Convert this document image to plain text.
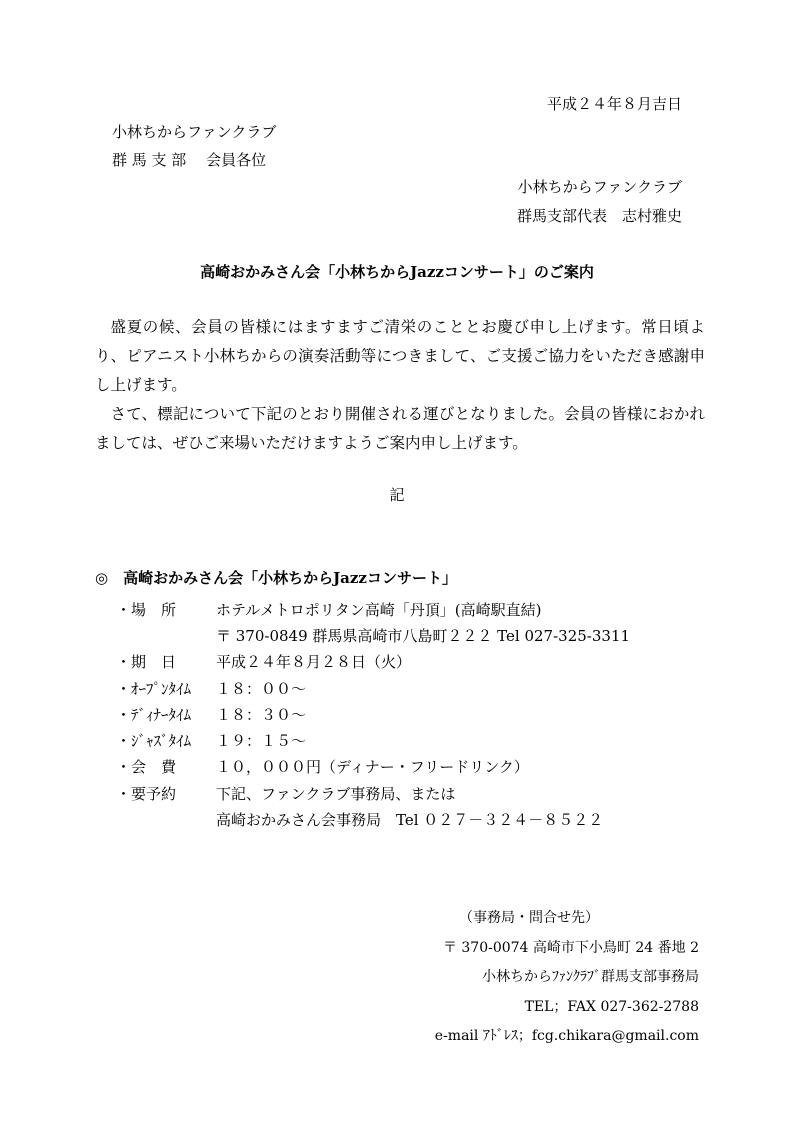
平成２４年８月吉日
小林ちからファンクラブ
群 馬 支 部　 会員各位
小林ちからファンクラブ
群馬支部代表　志村雅史
高崎おかみさん会「小林ちからJazzコンサート」のご案内

盛夏の候、会員の皆様にはますますご清栄のこととお慶び申し上げます。常日頃より、ピアニスト小林ちからの演奏活動等につきまして、ご支援ご協力をいただき感謝申し上げます。

さて、標記について下記のとおり開催される運びとなりました。会員の皆様におかれましては、ぜひご来場いただけますようご案内申し上げます。

記
◎　高崎おかみさん会「小林ちからJazzコンサート」
・場　所	ホテルメトロポリタン高崎「丹頂」(高崎駅直結)
〒 370-0849 群馬県高崎市八島町２２２ Tel 027-325-3311
・期　日	平成２４年８月２８日（火）
・ｵｰﾌﾟﾝﾀｲﾑ	１８：００～
・ﾃﾞｨﾅｰﾀｲﾑ	１８：３０～
・ｼﾞｬｽﾞﾀｲﾑ	１９：１５～
・会　費	１０，０００円（ディナー・フリードリンク）
・要予約	下記、ファンクラブ事務局、または
高崎おかみさん会事務局　Tel ０２７－３２４－８５２２
（事務局・問合せ先）
〒 370-0074 高崎市下小鳥町 24 番地 2
小林ちからﾌｧﾝｸﾗﾌﾞ群馬支部事務局
TEL；FAX 027-362-2788
e-mail ｱﾄﾞﾚｽ；fcg.chikara@gmail.com
